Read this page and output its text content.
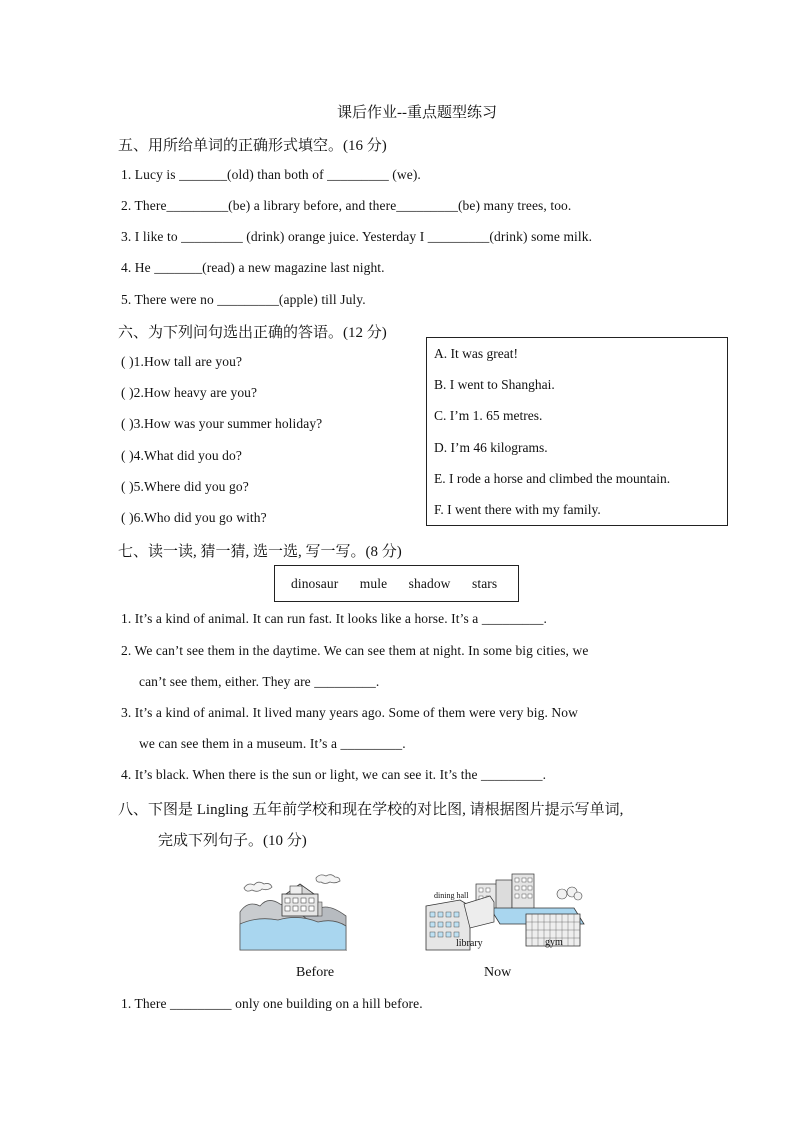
课后作业--重点题型练习
五、用所给单词的正确形式填空。(16 分)
1. Lucy is _______(old) than both of _________ (we).
2. There_________(be) a library before, and there_________(be) many trees, too.
3. I like to _________ (drink) orange juice. Yesterday I _________(drink) some milk.
4. He _______(read) a new magazine last night.
5. There were no _________(apple) till July.
六、为下列问句选出正确的答语。(12 分)
( )1.How tall are you?
( )2.How heavy are you?
( )3.How was your summer holiday?
( )4.What did you do?
( )5.Where did you go?
( )6.Who did you go with?
A. It was great!
B. I went to Shanghai.
C. I’m 1. 65 metres.
D. I’m 46 kilograms.
E. I rode a horse and climbed the mountain.
F. I went there with my family.
七、读一读, 猜一猜, 选一选, 写一写。(8 分)
dinosaur mule shadow stars
1. It’s a kind of animal. It can run fast. It looks like a horse. It’s a _________.
2. We can’t see them in the daytime. We can see them at night. In some big cities, we
can’t see them, either. They are _________.
3. It’s a kind of animal. It lived many years ago. Some of them were very big. Now
we can see them in a museum. It’s a _________.
4. It’s black. When there is the sun or light, we can see it. It’s the _________.
八、下图是 Lingling 五年前学校和现在学校的对比图, 请根据图片提示写单词,
完成下列句子。(10 分)
dining hall
library	gym
Before	Now
1. There _________ only one building on a hill before.
